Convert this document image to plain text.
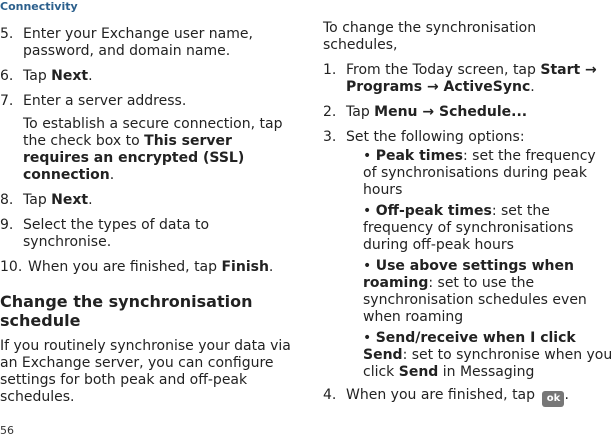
Connectivity
5. Enter your Exchange user name, password, and domain name.
6. Tap Next.
7. Enter a server address.
To establish a secure connection, tap the check box to This server requires an encrypted (SSL) connection.
8. Tap Next.
9. Select the types of data to synchronise.
10. When you are finished, tap Finish.
Change the synchronisation schedule
If you routinely synchronise your data via an Exchange server, you can configure settings for both peak and off-peak schedules.
To change the synchronisation schedules,
1. From the Today screen, tap Start → Programs → ActiveSync.
2. Tap Menu → Schedule...
3. Set the following options:
• Peak times: set the frequency of synchronisations during peak hours
• Off-peak times: set the frequency of synchronisations during off-peak hours
• Use above settings when roaming: set to use the synchronisation schedules even when roaming
• Send/receive when I click Send: set to synchronise when you click Send in Messaging
4. When you are finished, tap ok .
56
